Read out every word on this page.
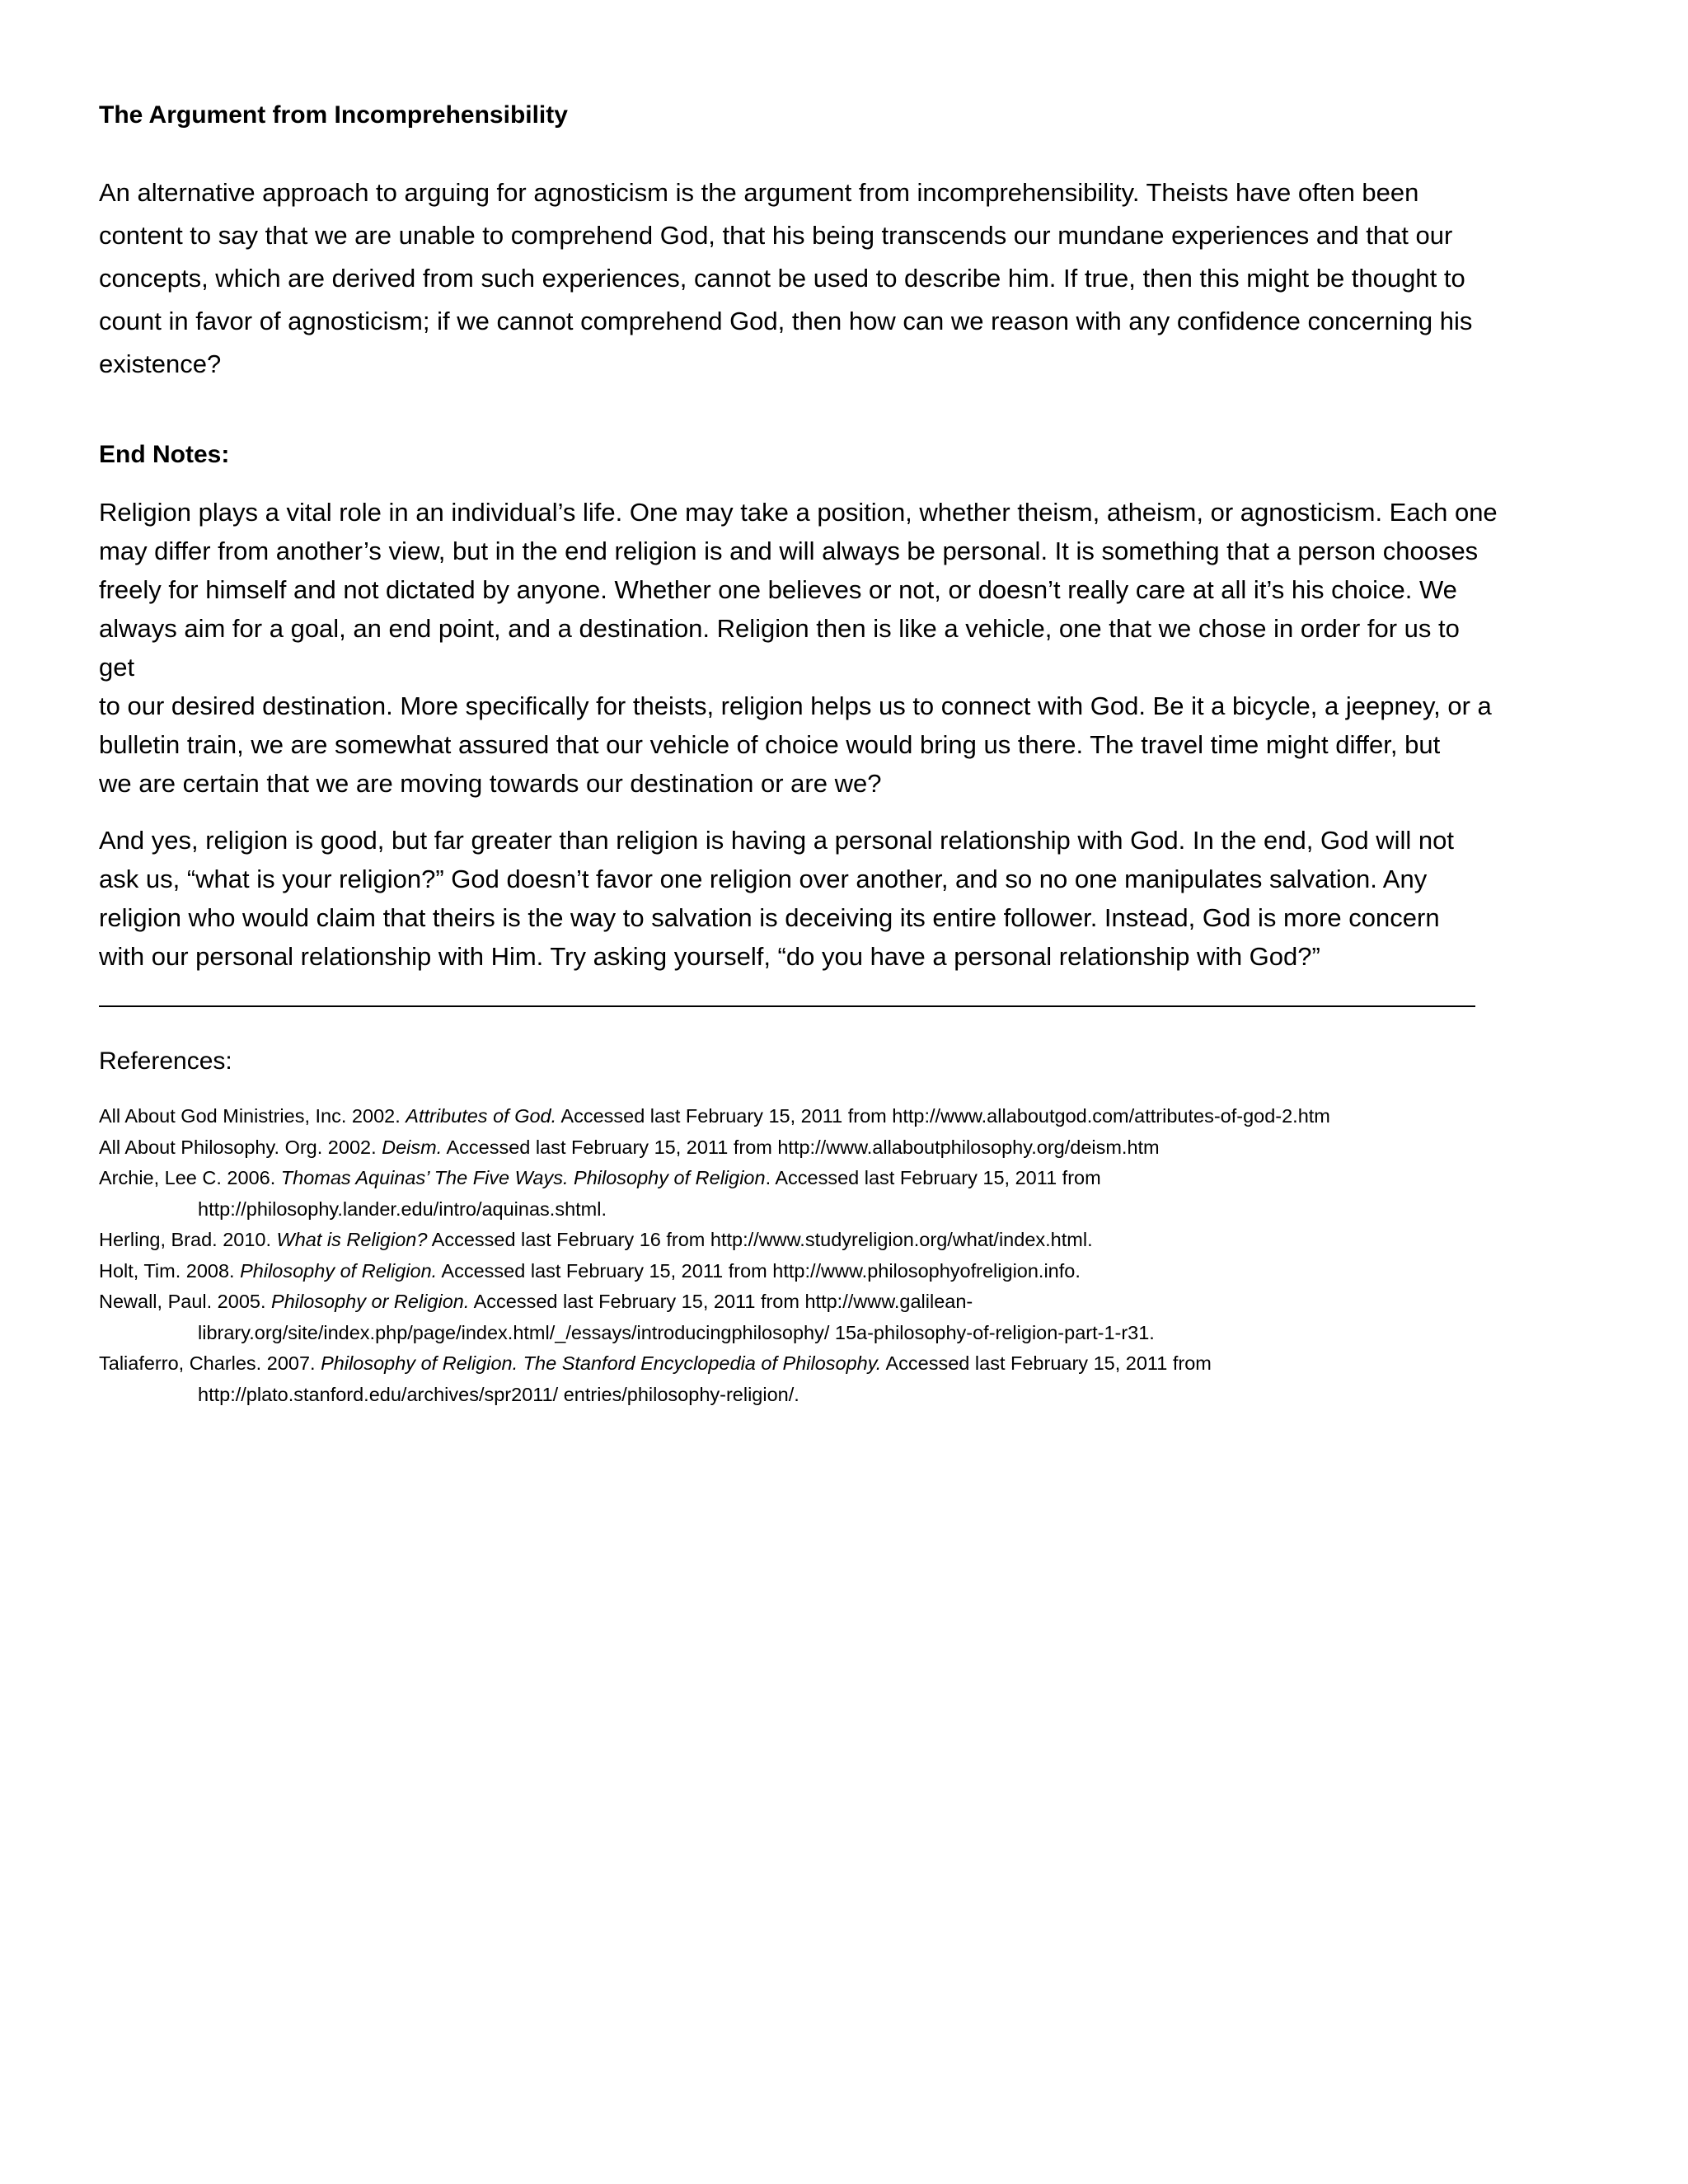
The Argument from Incomprehensibility

An alternative approach to arguing for agnosticism is the argument from incomprehensibility. Theists have often been
content to say that we are unable to comprehend God, that his being transcends our mundane experiences and that our
concepts, which are derived from such experiences, cannot be used to describe him. If true, then this might be thought to
count in favor of agnosticism; if we cannot comprehend God, then how can we reason with any confidence concerning his
existence?

End Notes:

Religion plays a vital role in an individual’s life. One may take a position, whether theism, atheism, or agnosticism. Each one
may differ from another’s view, but in the end religion is and will always be personal. It is something that a person chooses
freely for himself and not dictated by anyone. Whether one believes or not, or doesn’t really care at all it’s his choice. We
always aim for a goal, an end point, and a destination. Religion then is like a vehicle, one that we chose in order for us to get
to our desired destination. More specifically for theists, religion helps us to connect with God. Be it a bicycle, a jeepney, or a
bulletin train, we are somewhat assured that our vehicle of choice would bring us there. The travel time might differ, but
we are certain that we are moving towards our destination or are we?

And yes, religion is good, but far greater than religion is having a personal relationship with God. In the end, God will not
ask us, “what is your religion?” God doesn’t favor one religion over another, and so no one manipulates salvation. Any
religion who would claim that theirs is the way to salvation is deceiving its entire follower. Instead, God is more concern
with our personal relationship with Him. Try asking yourself, “do you have a personal relationship with God?”

References:

All About God Ministries, Inc. 2002. Attributes of God. Accessed last February 15, 2011 from http://www.allaboutgod.com/attributes-of-god-2.htm

All About Philosophy. Org. 2002. Deism. Accessed last February 15, 2011 from http://www.allaboutphilosophy.org/deism.htm

Archie, Lee C. 2006. Thomas Aquinas’ The Five Ways. Philosophy of Religion. Accessed last February 15, 2011 from
http://philosophy.lander.edu/intro/aquinas.shtml.

Herling, Brad. 2010. What is Religion? Accessed last February 16 from http://www.studyreligion.org/what/index.html.

Holt, Tim. 2008. Philosophy of Religion. Accessed last February 15, 2011 from http://www.philosophyofreligion.info.

Newall, Paul. 2005. Philosophy or Religion. Accessed last February 15, 2011 from http://www.galilean-
library.org/site/index.php/page/index.html/_/essays/introducingphilosophy/ 15a-philosophy-of-religion-part-1-r31.

Taliaferro, Charles. 2007. Philosophy of Religion. The Stanford Encyclopedia of Philosophy. Accessed last February 15, 2011 from
http://plato.stanford.edu/archives/spr2011/ entries/philosophy-religion/.
